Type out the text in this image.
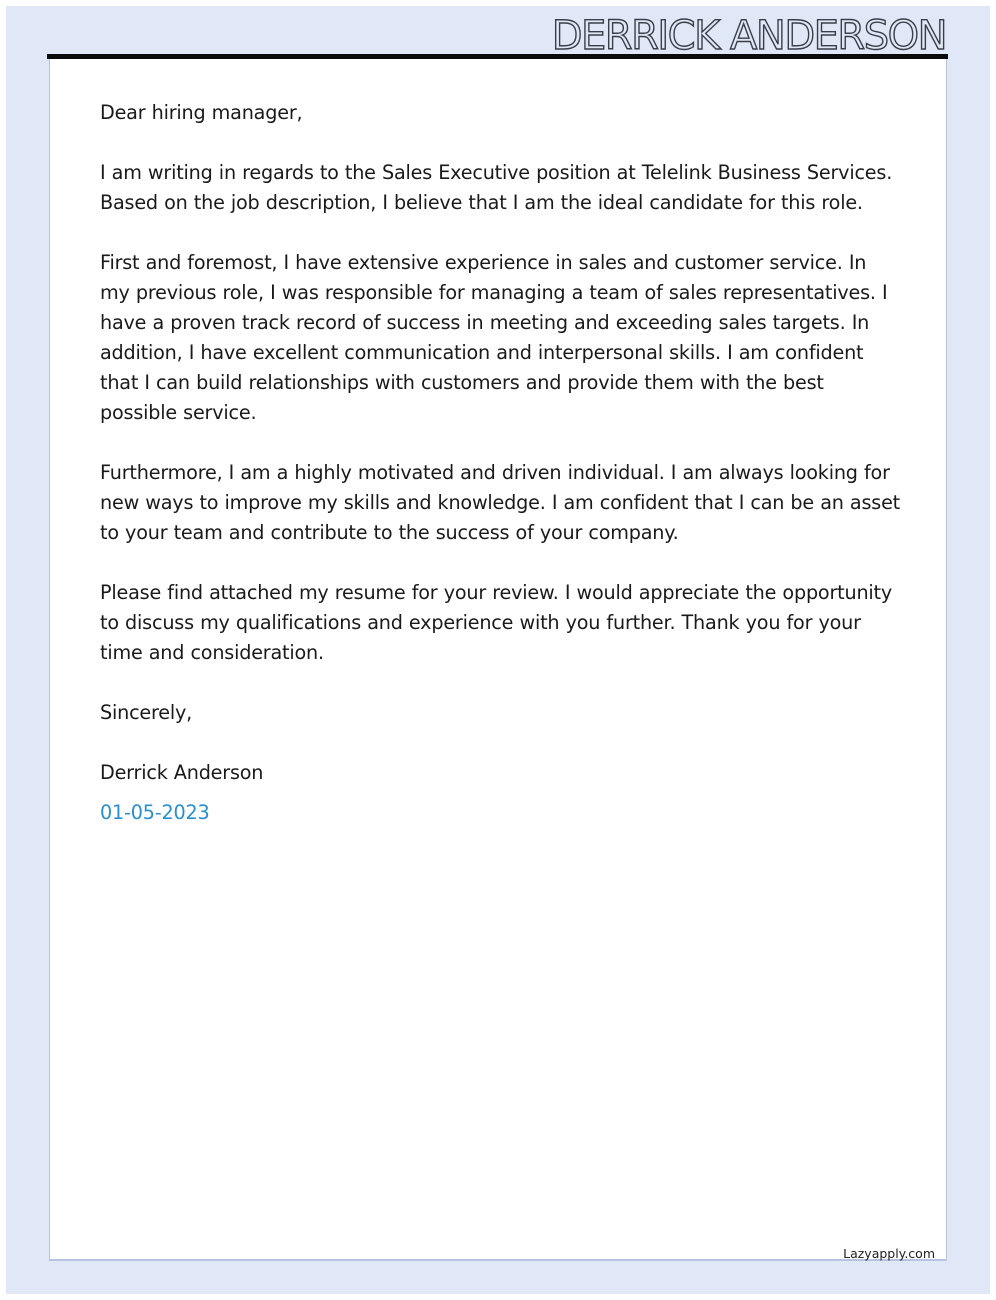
DERRICK ANDERSON

Dear hiring manager,

I am writing in regards to the Sales Executive position at Telelink Business Services. Based on the job description, I believe that I am the ideal candidate for this role.

First and foremost, I have extensive experience in sales and customer service. In my previous role, I was responsible for managing a team of sales representatives. I have a proven track record of success in meeting and exceeding sales targets. In addition, I have excellent communication and interpersonal skills. I am confident that I can build relationships with customers and provide them with the best possible service.

Furthermore, I am a highly motivated and driven individual. I am always looking for new ways to improve my skills and knowledge. I am confident that I can be an asset to your team and contribute to the success of your company.

Please find attached my resume for your review. I would appreciate the opportunity to discuss my qualifications and experience with you further. Thank you for your time and consideration.

Sincerely,

Derrick Anderson

01-05-2023

Lazyapply.com
